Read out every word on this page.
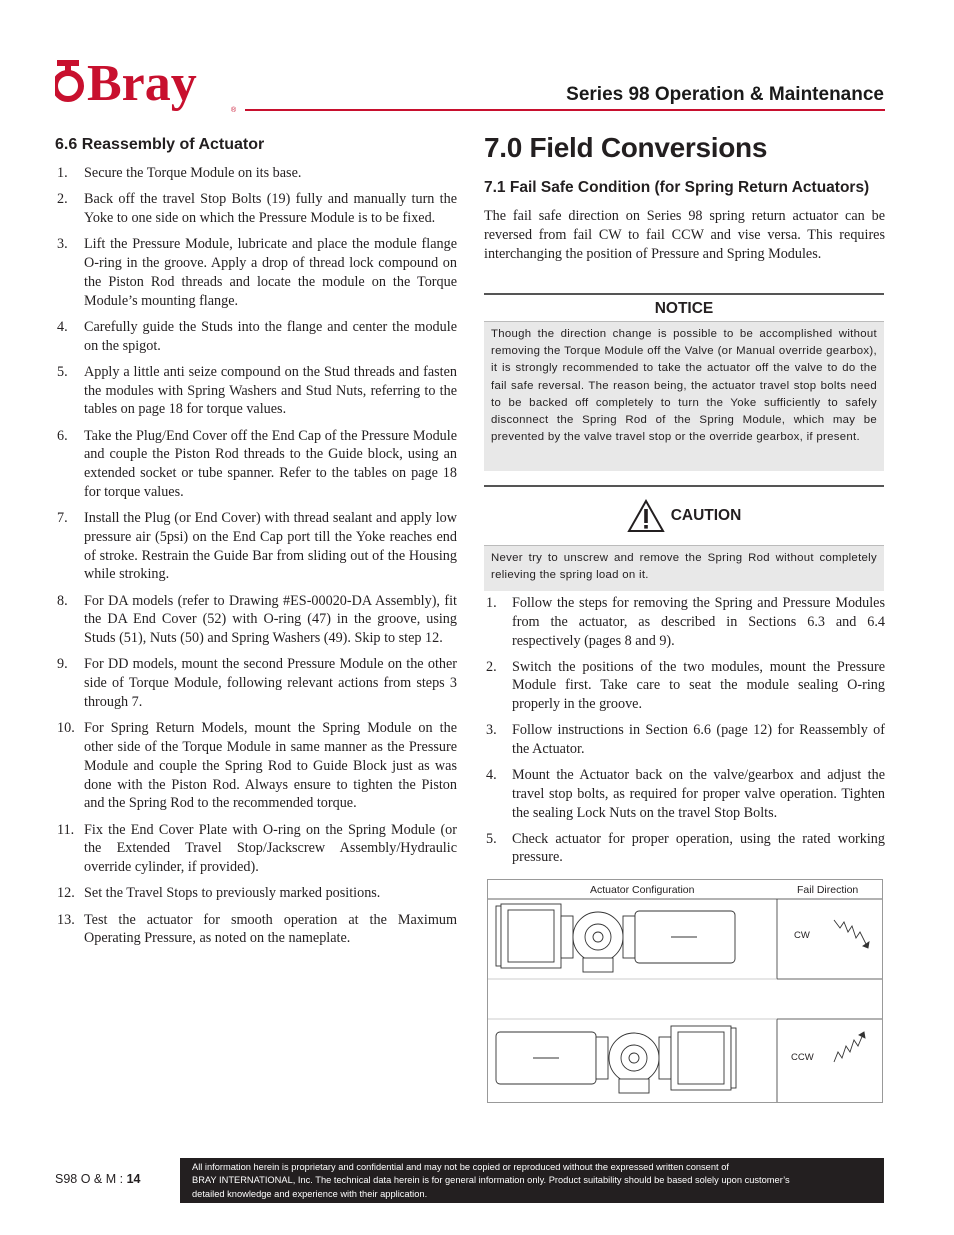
Bray	®
Series 98 Operation & Maintenance
6.6 Reassembly of Actuator
1. Secure the Torque Module on its base.
2. Back off the travel Stop Bolts (19) fully and manually turn the Yoke to one side on which the Pressure Module is to be fixed.
3. Lift the Pressure Module, lubricate and place the module flange O-ring in the groove. Apply a drop of thread lock compound on the Piston Rod threads and locate the module on the Torque Module’s mounting flange.
4. Carefully guide the Studs into the flange and center the module on the spigot.
5. Apply a little anti seize compound on the Stud threads and fasten the modules with Spring Washers and Stud Nuts, referring to the tables on page 18 for torque values.
6. Take the Plug/End Cover off the End Cap of the Pressure Module and couple the Piston Rod threads to the Guide block, using an extended socket or tube spanner. Refer to the tables on page 18 for torque values.
7. Install the Plug (or End Cover) with thread sealant and apply low pressure air (5psi) on the End Cap port till the Yoke reaches end of stroke. Restrain the Guide Bar from sliding out of the Housing while stroking.
8. For DA models (refer to Drawing #ES-00020-DA Assembly), fit the DA End Cover (52) with O-ring (47) in the groove, using Studs (51), Nuts (50) and Spring Washers (49). Skip to step 12.
9. For DD models, mount the second Pressure Module on the other side of Torque Module, following relevant actions from steps 3 through 7.
10. For Spring Return Models, mount the Spring Module on the other side of the Torque Module in same manner as the Pressure Module and couple the Spring Rod to Guide Block just as was done with the Piston Rod. Always ensure to tighten the Piston and the Spring Rod to the recommended torque.
11. Fix the End Cover Plate with O-ring on the Spring Module (or the Extended Travel Stop/Jackscrew Assembly/Hydraulic override cylinder, if provided).
12. Set the Travel Stops to previously marked positions.
13. Test the actuator for smooth operation at the Maximum Operating Pressure, as noted on the nameplate.
7.0 Field Conversions
7.1 Fail Safe Condition (for Spring Return Actuators)

The fail safe direction on Series 98 spring return actuator can be reversed from fail CW to fail CCW and vise versa. This requires interchanging the position of Pressure and Spring Modules.

NOTICE
Though the direction change is possible to be accomplished without removing the Torque Module off the Valve (or Manual override gearbox), it is strongly recommended to take the actuator off the valve to do the fail safe reversal. The reason being, the actuator travel stop bolts need to be backed off completely to turn the Yoke sufficiently to safely disconnect the Spring Rod of the Spring Module, which may be prevented by the valve travel stop or the override gearbox, if present.
CAUTION
Never try to unscrew and remove the Spring Rod without completely relieving the spring load on it.
1. Follow the steps for removing the Spring and Pressure Modules from the actuator, as described in Sections 6.3 and 6.4 respectively (pages 8 and 9).
2. Switch the positions of the two modules, mount the Pressure Module first. Take care to seat the module sealing O-ring properly in the groove.
3. Follow instructions in Section 6.6 (page 12) for Reassembly of the Actuator.
4. Mount the Actuator back on the valve/gearbox and adjust the travel stop bolts, as required for proper valve operation. Tighten the sealing Lock Nuts on the travel Stop Bolts.
5. Check actuator for proper operation, using the rated working pressure.
Actuator Configuration	Fail Direction
CW
CCW
S98 O & M : 14
All information herein is proprietary and confidential and may not be copied or reproduced without the expressed written consent of
BRAY INTERNATIONAL, Inc. The technical data herein is for general information only. Product suitability should be based solely upon customer’s
detailed knowledge and experience with their application.
